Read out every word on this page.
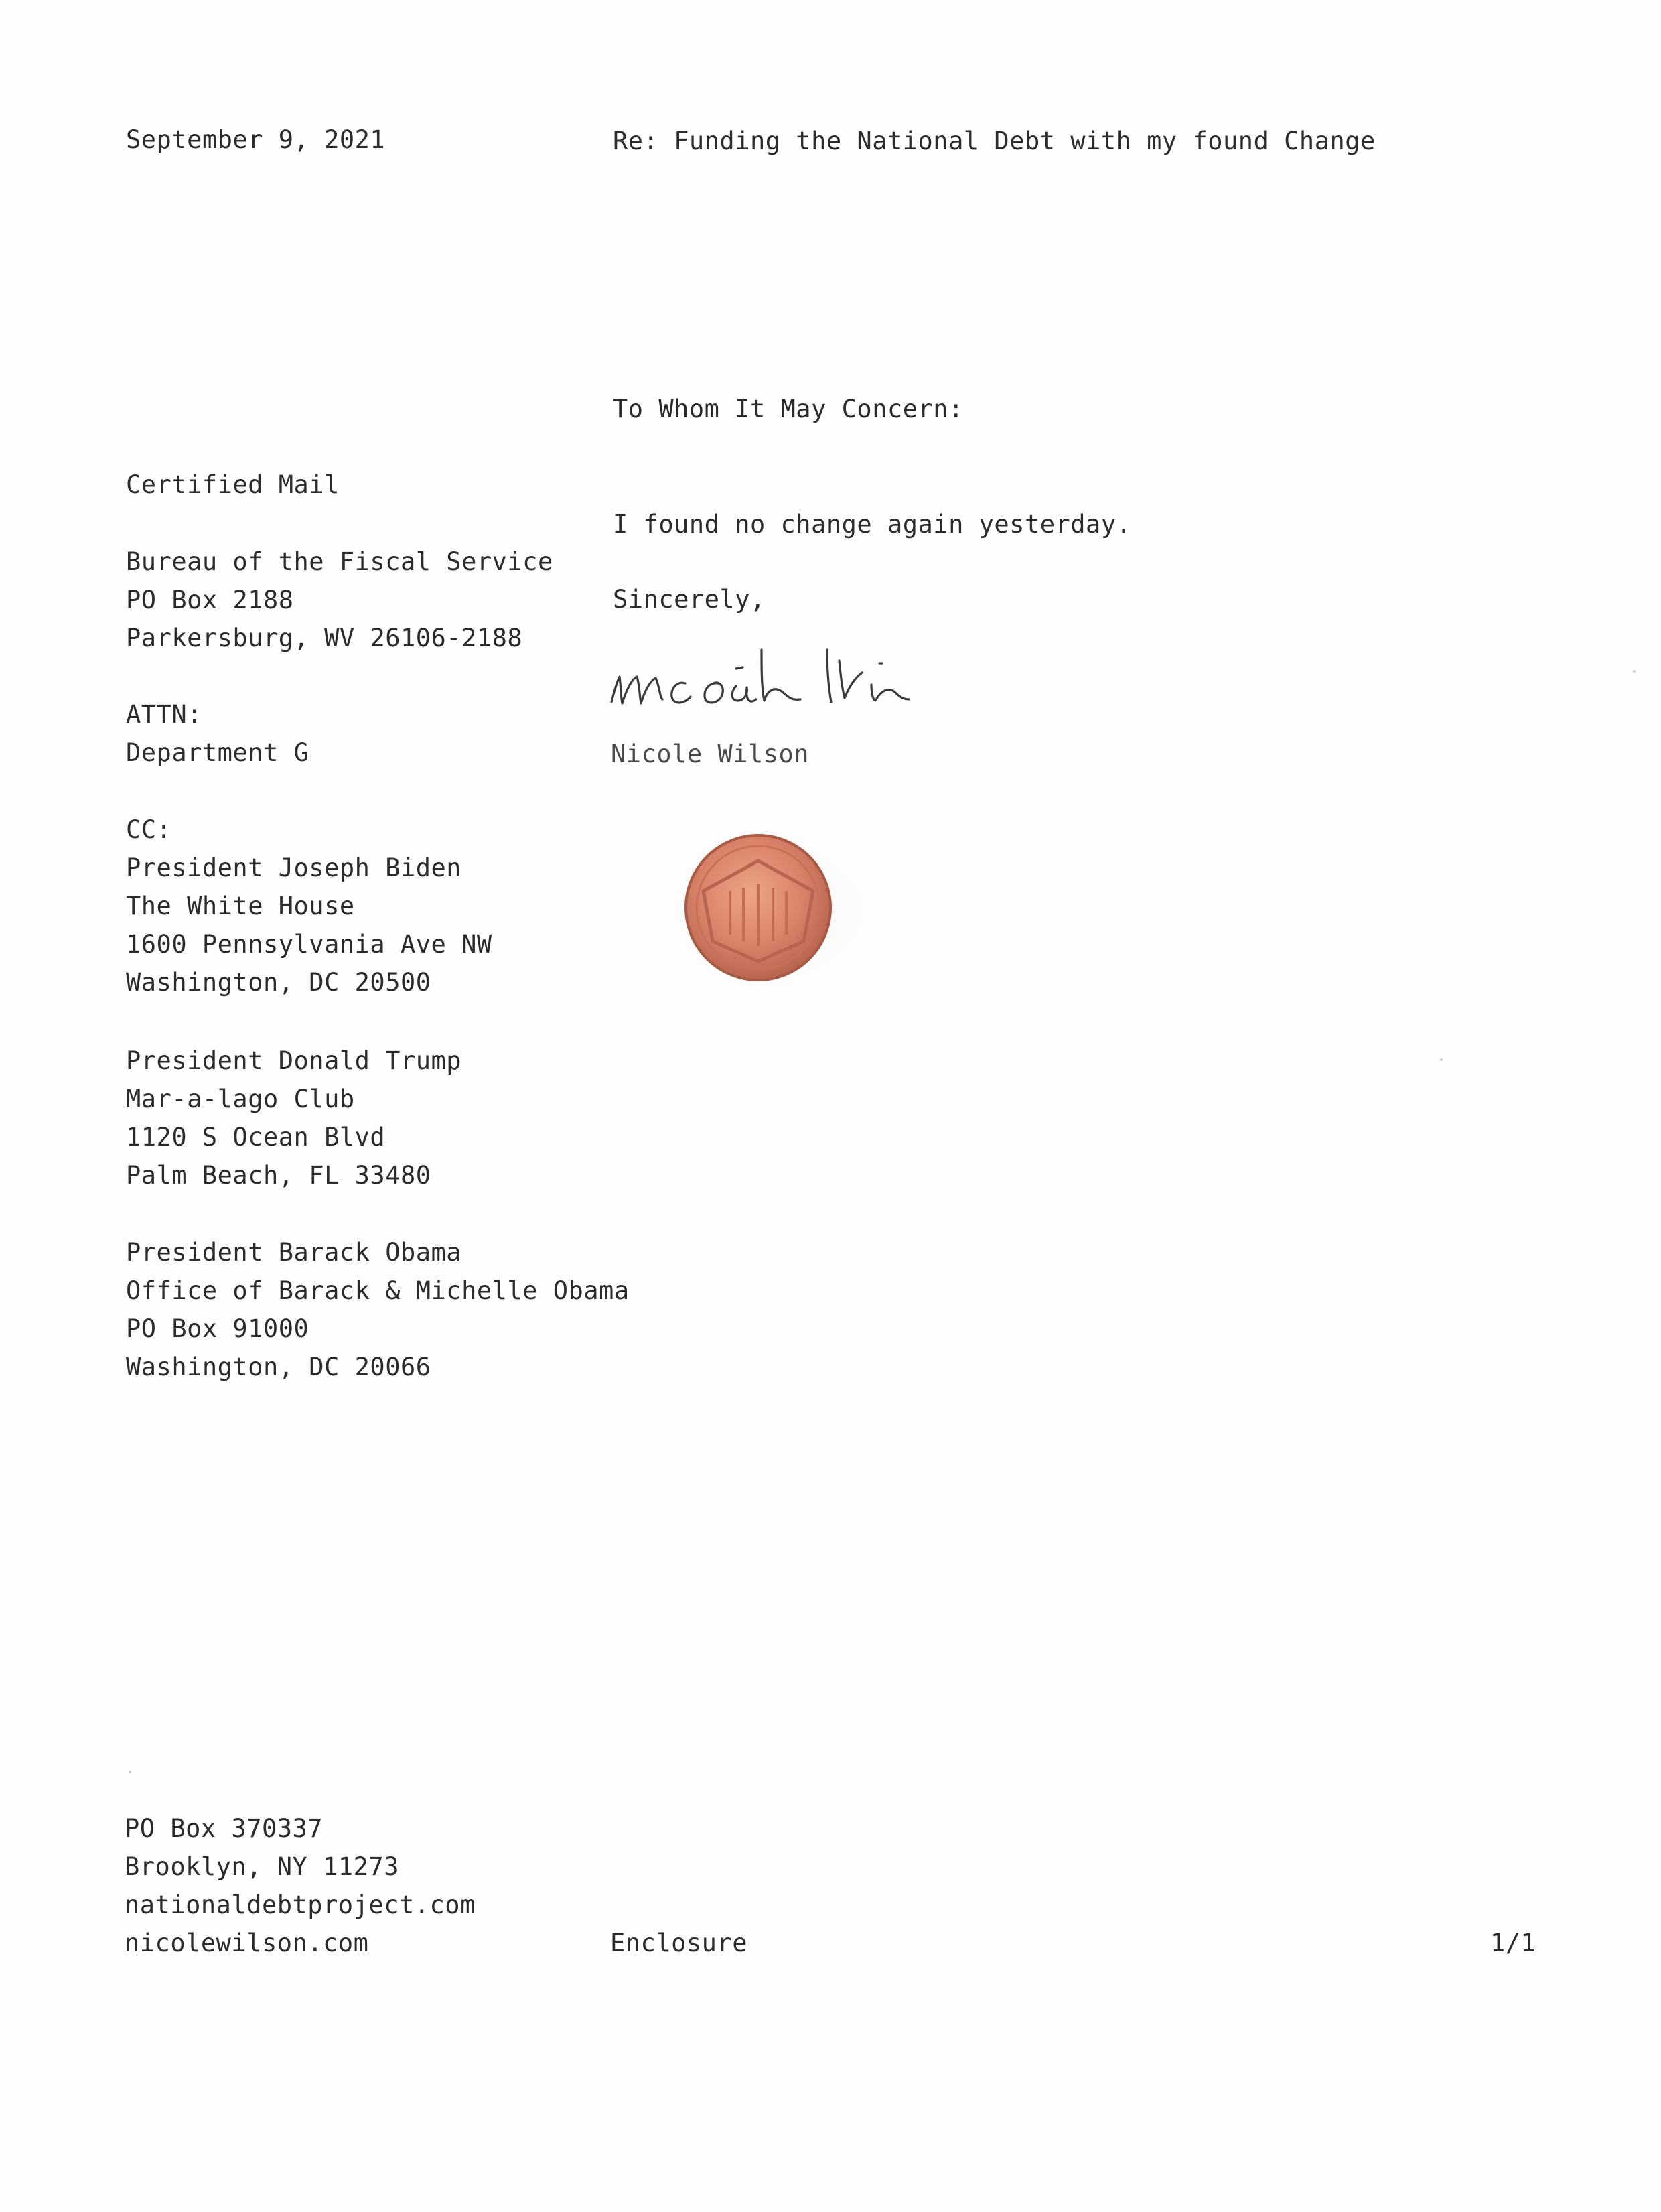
September 9, 2021	Re: Funding the National Debt with my found Change
Certified Mail
Bureau of the Fiscal Service
PO Box 2188
Parkersburg, WV 26106-2188
ATTN:
Department G
CC:
President Joseph Biden
The White House
1600 Pennsylvania Ave NW
Washington, DC 20500
President Donald Trump
Mar-a-lago Club
1120 S Ocean Blvd
Palm Beach, FL 33480
President Barack Obama
Office of Barack & Michelle Obama
PO Box 91000
Washington, DC 20066
To Whom It May Concern:
I found no change again yesterday.
Sincerely,
Nicole Wilson
PO Box 370337
Brooklyn, NY 11273
nationaldebtproject.com
nicolewilson.com	Enclosure	1/1
